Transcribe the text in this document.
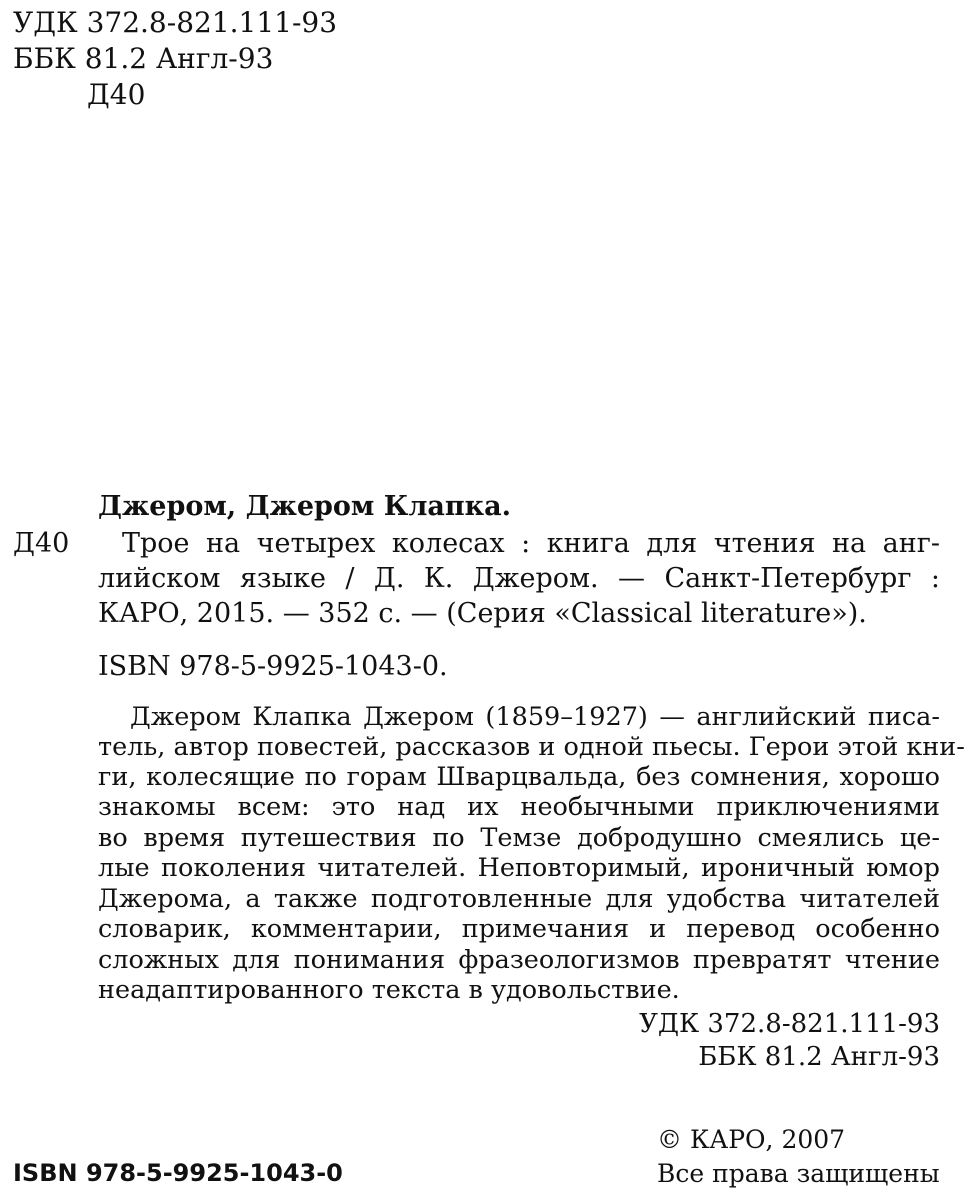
УДК 372.8-821.111-93
ББК 81.2 Англ-93
Д40
Джером, Джером Клапка.
Д40 Трое на четырех колесах : книга для чтения на анг-
лийском языке / Д. К. Джером. — Санкт-Петербург :
КАРО, 2015. — 352 с. — (Серия «Classical literature»).
ISBN 978-5-9925-1043-0.
Джером Клапка Джером (1859–1927) — английский писа-
тель, автор повестей, рассказов и одной пьесы. Герои этой кни-
ги, колесящие по горам Шварцвальда, без сомнения, хорошо
знакомы всем: это над их необычными приключениями
во время путешествия по Темзе добродушно смеялись це-
лые поколения читателей. Неповторимый, ироничный юмор
Джерома, а также подготовленные для удобства читателей
словарик, комментарии, примечания и перевод особенно
сложных для понимания фразеологизмов превратят чтение
неадаптированного текста в удовольствие.
УДК 372.8-821.111-93
ББК 81.2 Англ-93
© КАРО, 2007
Все права защищены
ISBN 978-5-9925-1043-0
